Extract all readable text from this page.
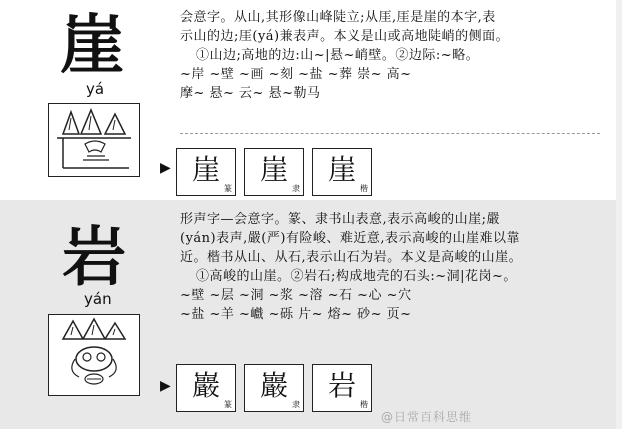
崖
yá
会意字。从山,其形像山峰陡立;从厓,厓是崖的本字,表
示山的边;厓(yá)兼表声。本义是山或高地陡峭的侧面。
①山边;高地的边:山~|悬~峭壁。②边际:~略。
~岸 ~壁 ~画 ~刻 ~盐 ~葬 崇~ 高~
摩~ 悬~ 云~ 悬~勒马
▶ 崖
篆
崖
隶
崖
楷
岩
yán
形声字—会意字。篆、隶书山表意,表示高峻的山崖;嚴
(yán)表声,嚴(严)有险峻、难近意,表示高峻的山崖难以靠
近。楷书从山、从石,表示山石为岩。本义是高峻的山崖。
①高峻的山崖。②岩石;构成地壳的石头:~洞|花岗~。
~壁 ~层 ~洞 ~浆 ~溶 ~石 ~心 ~穴
~盐 ~羊 ~巇 ~砾 片~ 熔~ 砂~ 页~
▶ 巖
篆
巖
隶
岩
楷
@日常百科思维
